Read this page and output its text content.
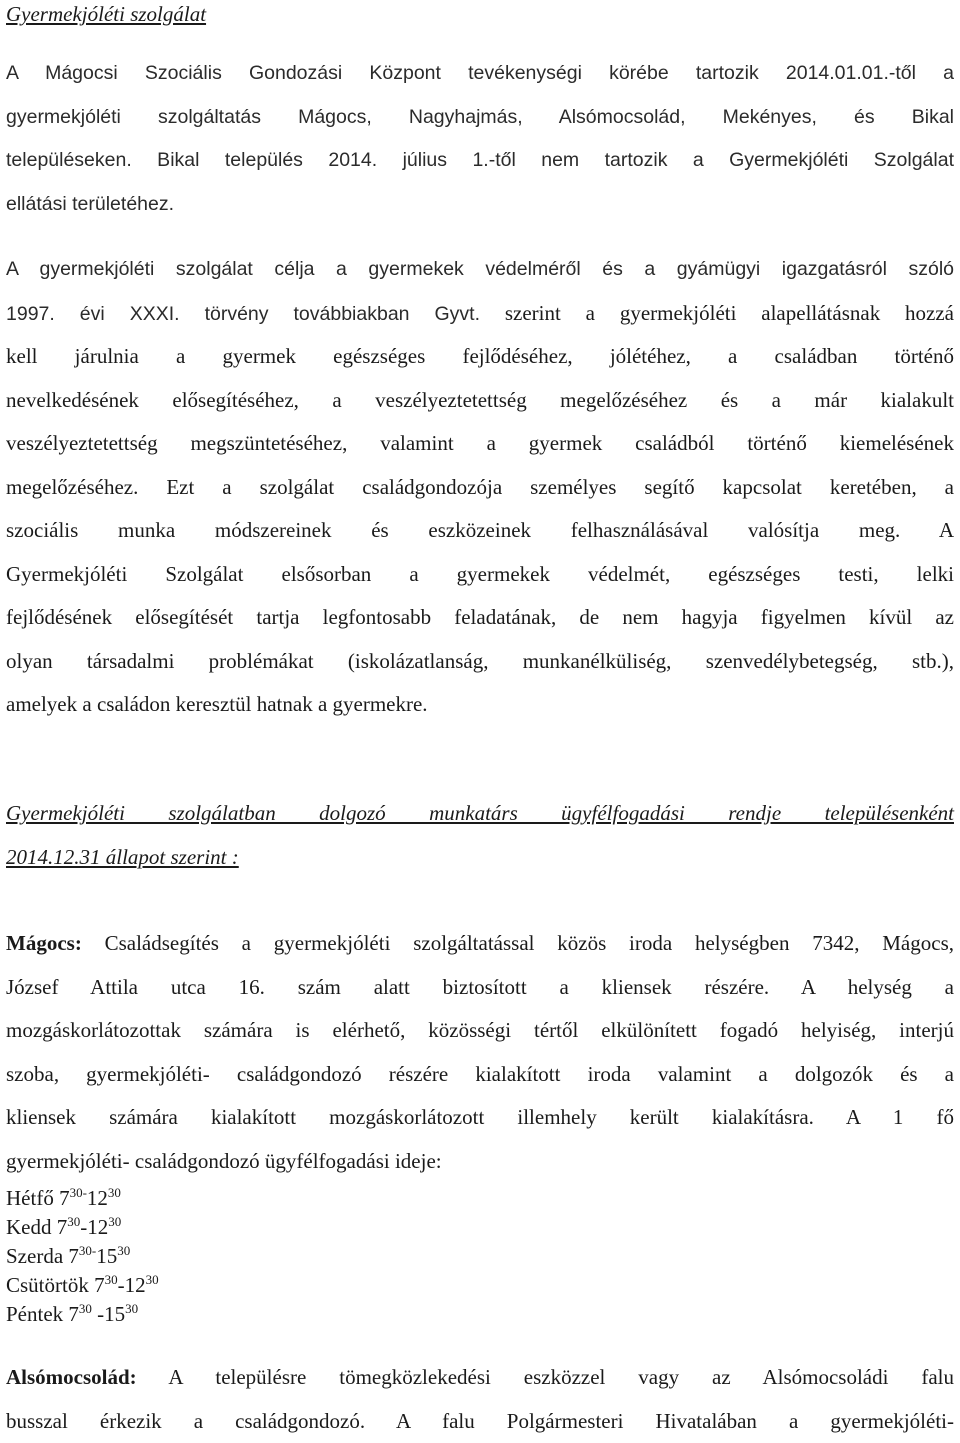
Gyermekjóléti szolgálat
A Mágocsi Szociális Gondozási Központ tevékenységi körébe tartozik 2014.01.01.-től a
gyermekjóléti szolgáltatás Mágocs, Nagyhajmás, Alsómocsolád, Mekényes, és Bikal
településeken. Bikal település 2014. július 1.-től nem tartozik a Gyermekjóléti Szolgálat
ellátási területéhez.
A gyermekjóléti szolgálat célja a gyermekek védelméről és a gyámügyi igazgatásról szóló
1997. évi XXXI. törvény továbbiakban Gyvt. szerint a gyermekjóléti alapellátásnak hozzá
kell járulnia a gyermek egészséges fejlődéséhez, jólétéhez, a családban történő
nevelkedésének elősegítéséhez, a veszélyeztetettség megelőzéséhez és a már kialakult
veszélyeztetettség megszüntetéséhez, valamint a gyermek családból történő kiemelésének
megelőzéséhez. Ezt a szolgálat családgondozója személyes segítő kapcsolat keretében, a
szociális munka módszereinek és eszközeinek felhasználásával valósítja meg. A
Gyermekjóléti Szolgálat elsősorban a gyermekek védelmét, egészséges testi, lelki
fejlődésének elősegítését tartja legfontosabb feladatának, de nem hagyja figyelmen kívül az
olyan társadalmi problémákat (iskolázatlanság, munkanélküliség, szenvedélybetegség, stb.),
amelyek a családon keresztül hatnak a gyermekre.
Gyermekjóléti szolgálatban dolgozó munkatárs ügyfélfogadási rendje településenként
2014.12.31 állapot szerint :
Mágocs: Családsegítés a gyermekjóléti szolgáltatással közös iroda helységben 7342, Mágocs,
József Attila utca 16. szám alatt biztosított a kliensek részére. A helység a
mozgáskorlátozottak számára is elérhető, közösségi tértől elkülönített fogadó helyiség, interjú
szoba, gyermekjóléti- családgondozó részére kialakított iroda valamint a dolgozók és a
kliensek számára kialakított mozgáskorlátozott illemhely került kialakításra. A 1 fő
gyermekjóléti- családgondozó ügyfélfogadási ideje:
Hétfő $7^{30-}12^{30}$
Kedd $7^{30}-12^{30}$
Szerda $7^{30-}15^{30}$
Csütörtök $7^{30}-12^{30}$
Péntek $7^{30}$ $-15^{30}$
Alsómocsolád: A településre tömegközlekedési eszközzel vagy az Alsómocsoládi falu
busszal érkezik a családgondozó. A falu Polgármesteri Hivatalában a gyermekjóléti-
